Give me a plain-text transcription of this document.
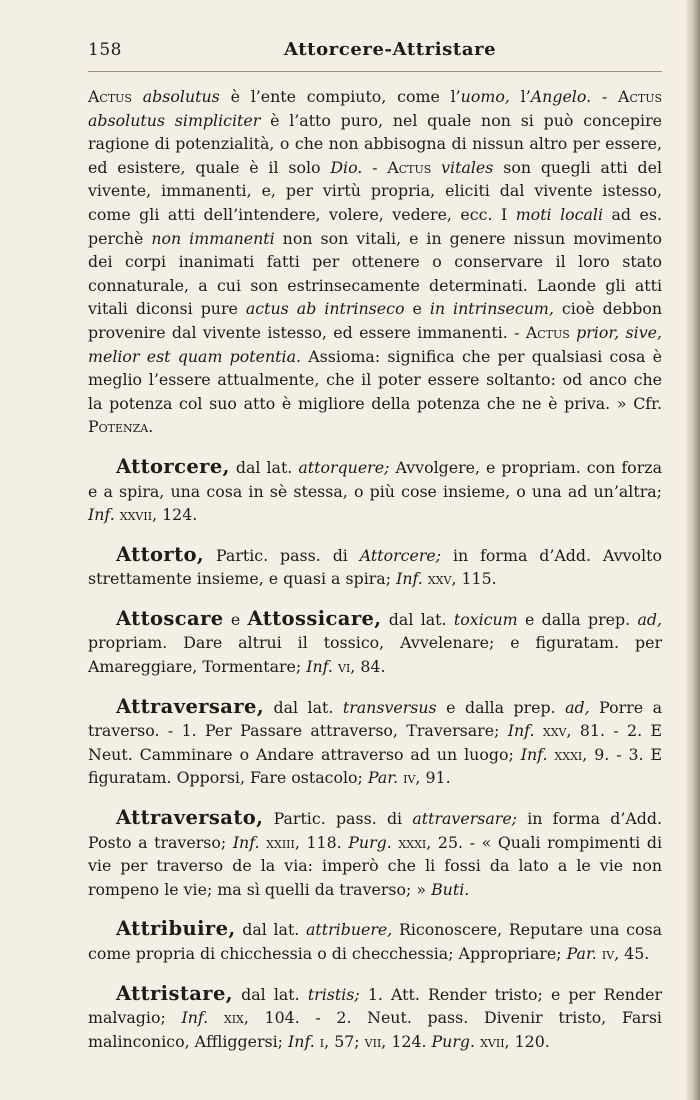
158	Attorcere-Attristare

Actus absolutus è l’ente compiuto, come l’uomo, l’Angelo. - Actus absolutus simpliciter è l’atto puro, nel quale non si può concepire ragione di potenzialità, o che non abbisogna di nissun altro per essere, ed esistere, quale è il solo Dio. - Actus vitales son quegli atti del vivente, immanenti, e, per virtù propria, eliciti dal vivente istesso, come gli atti dell’intendere, volere, vedere, ecc. I moti locali ad es. perchè non immanenti non son vitali, e in genere nissun movimento dei corpi inanimati fatti per ottenere o conservare il loro stato connaturale, a cui son estrinsecamente determinati. Laonde gli atti vitali diconsi pure actus ab intrinseco e in intrinsecum, cioè debbon provenire dal vivente istesso, ed essere immanenti. - Actus prior, sive, melior est quam potentia. Assioma: significa che per qualsiasi cosa è meglio l’essere attualmente, che il poter essere soltanto: od anco che la potenza col suo atto è migliore della potenza che ne è priva. » Cfr. Potenza.

Attorcere, dal lat. attorquere; Avvolgere, e propriam. con forza e a spira, una cosa in sè stessa, o più cose insieme, o una ad un’altra; Inf. xxvii, 124.

Attorto, Partic. pass. di Attorcere; in forma d’Add. Avvolto strettamente insieme, e quasi a spira; Inf. xxv, 115.

Attoscare e Attossicare, dal lat. toxicum e dalla prep. ad, propriam. Dare altrui il tossico, Avvelenare; e figuratam. per Amareggiare, Tormentare; Inf. vi, 84.

Attraversare, dal lat. transversus e dalla prep. ad, Porre a traverso. - 1. Per Passare attraverso, Traversare; Inf. xxv, 81. - 2. E Neut. Camminare o Andare attraverso ad un luogo; Inf. xxxi, 9. - 3. E figuratam. Opporsi, Fare ostacolo; Par. iv, 91.

Attraversato, Partic. pass. di attraversare; in forma d’Add. Posto a traverso; Inf. xxiii, 118. Purg. xxxi, 25. - « Quali rompimenti di vie per traverso de la via: imperò che li fossi da lato a le vie non rompeno le vie; ma sì quelli da traverso; » Buti.

Attribuire, dal lat. attribuere, Riconoscere, Reputare una cosa come propria di chicchessia o di checchessia; Appropriare; Par. iv, 45.

Attristare, dal lat. tristis; 1. Att. Render tristo; e per Render malvagio; Inf. xix, 104. - 2. Neut. pass. Divenir tristo, Farsi malinconico, Affliggersi; Inf. i, 57; vii, 124. Purg. xvii, 120.
